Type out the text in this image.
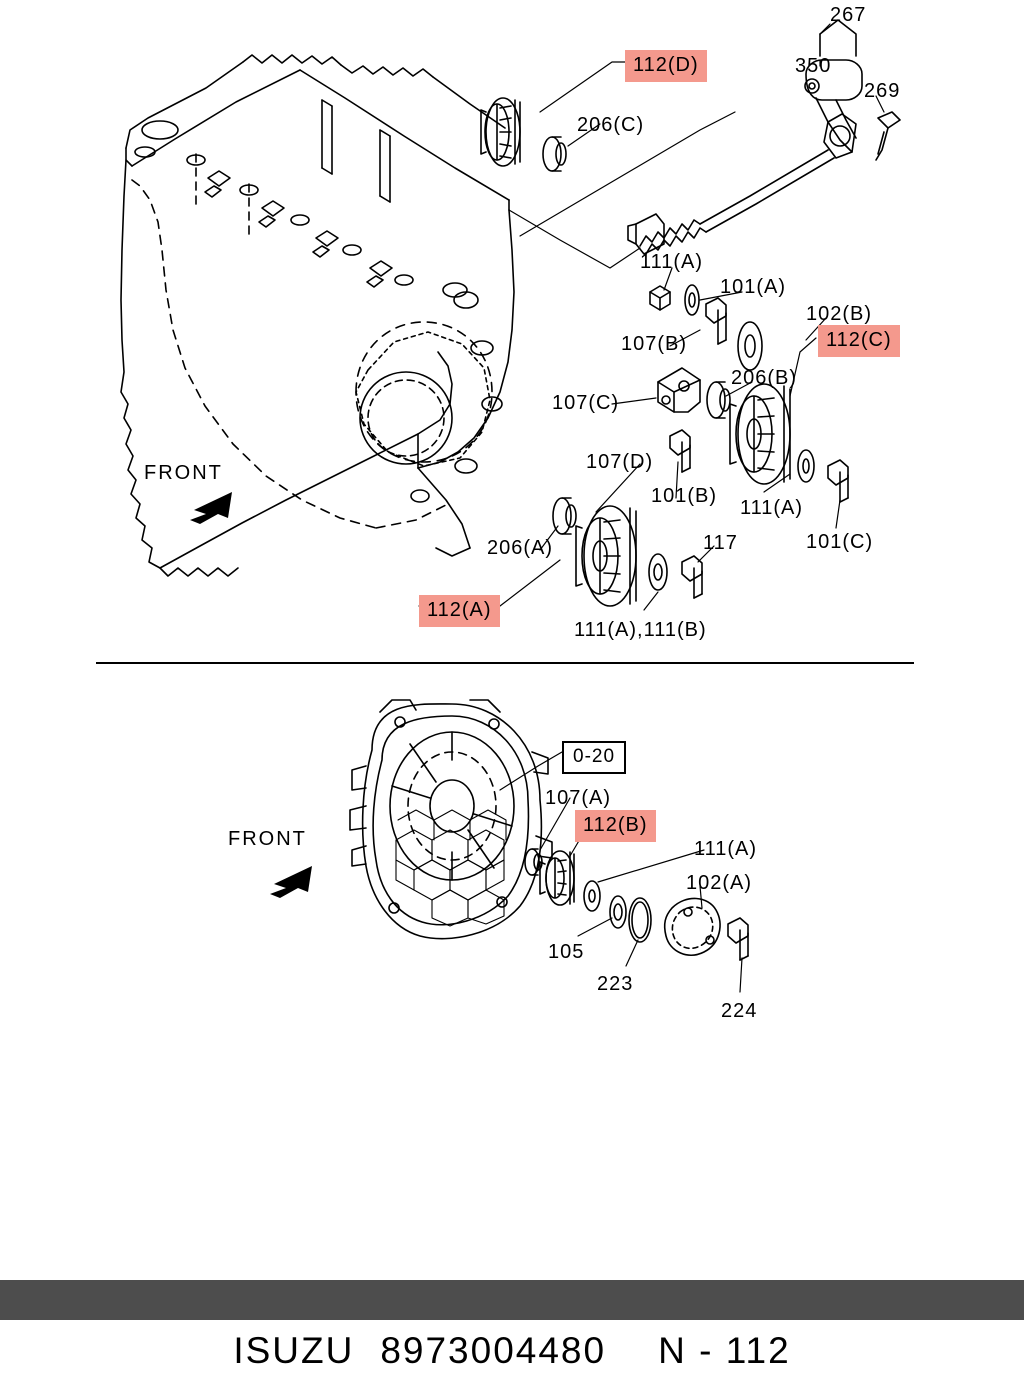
112(D)
206(C)
267
350
269
111(A)
101(A)
102(B)
112(C)
107(B)
206(B)
107(C)
107(D)
101(B)
111(A)
101(C)
117
206(A)
112(A)
111(A),111(B)
FRONT
0-20
107(A)
112(B)
111(A)
102(A)
105
223
224
FRONT
ISUZU 8973004480 N - 112
